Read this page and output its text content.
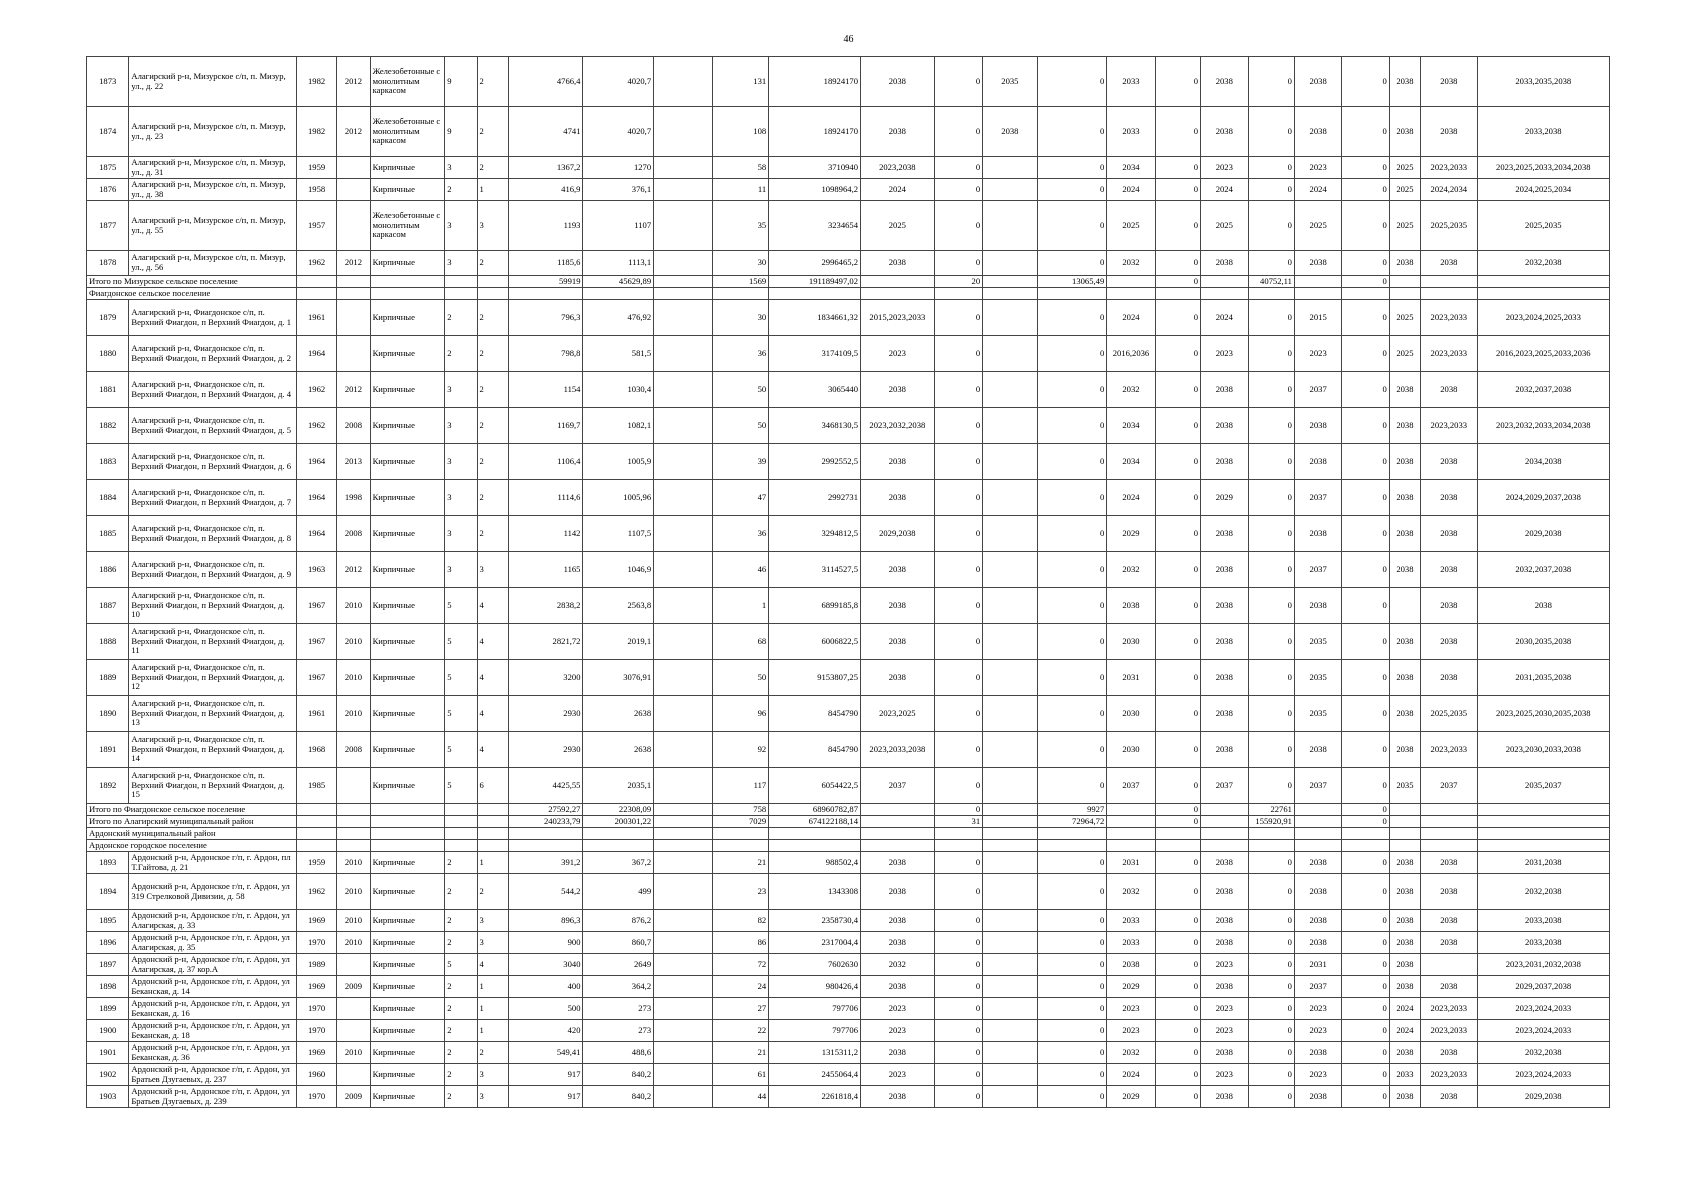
46
1873	Алагирский р-н, Мизурское с/п, п. Мизур, ул., д. 22	1982	2012	Железобетонные с монолитным каркасом	9	2	4766,4	4020,7		131	18924170	2038	0	2035	0	2033	0	2038	0	2038	0	2038	2038	2033,2035,2038
1874	Алагирский р-н, Мизурское с/п, п. Мизур, ул., д. 23	1982	2012	Железобетонные с монолитным каркасом	9	2	4741	4020,7		108	18924170	2038	0	2038	0	2033	0	2038	0	2038	0	2038	2038	2033,2038
1875	Алагирский р-н, Мизурское с/п, п. Мизур, ул., д. 31	1959		Кирпичные	3	2	1367,2	1270		58	3710940	2023,2038	0		0	2034	0	2023	0	2023	0	2025	2023,2033	2023,2025,2033,2034,2038
1876	Алагирский р-н, Мизурское с/п, п. Мизур, ул., д. 38	1958		Кирпичные	2	1	416,9	376,1		11	1098964,2	2024	0		0	2024	0	2024	0	2024	0	2025	2024,2034	2024,2025,2034
1877	Алагирский р-н, Мизурское с/п, п. Мизур, ул., д. 55	1957		Железобетонные с монолитным каркасом	3	3	1193	1107		35	3234654	2025	0		0	2025	0	2025	0	2025	0	2025	2025,2035	2025,2035
1878	Алагирский р-н, Мизурское с/п, п. Мизур, ул., д. 56	1962	2012	Кирпичные	3	2	1185,6	1113,1		30	2996465,2	2038	0		0	2032	0	2038	0	2038	0	2038	2038	2032,2038
Итого по Мизурское сельское поселение							59919	45629,89		1569	191189497,02		20		13065,49		0		40752,11		0			
Фиагдонское сельское поселение																								
1879	Алагирский р-н, Фиагдонское с/п, п. Верхний Фиагдон, п Верхний Фиагдон, д. 1	1961		Кирпичные	2	2	796,3	476,92		30	1834661,32	2015,2023,2033	0		0	2024	0	2024	0	2015	0	2025	2023,2033	2023,2024,2025,2033
1880	Алагирский р-н, Фиагдонское с/п, п. Верхний Фиагдон, п Верхний Фиагдон, д. 2	1964		Кирпичные	2	2	798,8	581,5		36	3174109,5	2023	0		0	2016,2036	0	2023	0	2023	0	2025	2023,2033	2016,2023,2025,2033,2036
1881	Алагирский р-н, Фиагдонское с/п, п. Верхний Фиагдон, п Верхний Фиагдон, д. 4	1962	2012	Кирпичные	3	2	1154	1030,4		50	3065440	2038	0		0	2032	0	2038	0	2037	0	2038	2038	2032,2037,2038
1882	Алагирский р-н, Фиагдонское с/п, п. Верхний Фиагдон, п Верхний Фиагдон, д. 5	1962	2008	Кирпичные	3	2	1169,7	1082,1		50	3468130,5	2023,2032,2038	0		0	2034	0	2038	0	2038	0	2038	2023,2033	2023,2032,2033,2034,2038
1883	Алагирский р-н, Фиагдонское с/п, п. Верхний Фиагдон, п Верхний Фиагдон, д. 6	1964	2013	Кирпичные	3	2	1106,4	1005,9		39	2992552,5	2038	0		0	2034	0	2038	0	2038	0	2038	2038	2034,2038
1884	Алагирский р-н, Фиагдонское с/п, п. Верхний Фиагдон, п Верхний Фиагдон, д. 7	1964	1998	Кирпичные	3	2	1114,6	1005,96		47	2992731	2038	0		0	2024	0	2029	0	2037	0	2038	2038	2024,2029,2037,2038
1885	Алагирский р-н, Фиагдонское с/п, п. Верхний Фиагдон, п Верхний Фиагдон, д. 8	1964	2008	Кирпичные	3	2	1142	1107,5		36	3294812,5	2029,2038	0		0	2029	0	2038	0	2038	0	2038	2038	2029,2038
1886	Алагирский р-н, Фиагдонское с/п, п. Верхний Фиагдон, п Верхний Фиагдон, д. 9	1963	2012	Кирпичные	3	3	1165	1046,9		46	3114527,5	2038	0		0	2032	0	2038	0	2037	0	2038	2038	2032,2037,2038
1887	Алагирский р-н, Фиагдонское с/п, п. Верхний Фиагдон, п Верхний Фиагдон, д. 10	1967	2010	Кирпичные	5	4	2838,2	2563,8		1	6899185,8	2038	0		0	2038	0	2038	0	2038	0		2038	2038
1888	Алагирский р-н, Фиагдонское с/п, п. Верхний Фиагдон, п Верхний Фиагдон, д. 11	1967	2010	Кирпичные	5	4	2821,72	2019,1		68	6006822,5	2038	0		0	2030	0	2038	0	2035	0	2038	2038	2030,2035,2038
1889	Алагирский р-н, Фиагдонское с/п, п. Верхний Фиагдон, п Верхний Фиагдон, д. 12	1967	2010	Кирпичные	5	4	3200	3076,91		50	9153807,25	2038	0		0	2031	0	2038	0	2035	0	2038	2038	2031,2035,2038
1890	Алагирский р-н, Фиагдонское с/п, п. Верхний Фиагдон, п Верхний Фиагдон, д. 13	1961	2010	Кирпичные	5	4	2930	2638		96	8454790	2023,2025	0		0	2030	0	2038	0	2035	0	2038	2025,2035	2023,2025,2030,2035,2038
1891	Алагирский р-н, Фиагдонское с/п, п. Верхний Фиагдон, п Верхний Фиагдон, д. 14	1968	2008	Кирпичные	5	4	2930	2638		92	8454790	2023,2033,2038	0		0	2030	0	2038	0	2038	0	2038	2023,2033	2023,2030,2033,2038
1892	Алагирский р-н, Фиагдонское с/п, п. Верхний Фиагдон, п Верхний Фиагдон, д. 15	1985		Кирпичные	5	6	4425,55	2035,1		117	6054422,5	2037	0		0	2037	0	2037	0	2037	0	2035	2037	2035,2037
Итого по Фиагдонское сельское поселение							27592,27	22308,09		758	68960782,87		0		9927		0		22761		0			
Итого по Алагирский муниципальный район							240233,79	200301,22		7029	674122188,14		31		72964,72		0		155920,91		0			
Ардонский муниципальный район																								
Ардонское городское поселение																								
1893	Ардонский р-н, Ардонское г/п, г. Ардон, пл Т.Гайтова, д. 21	1959	2010	Кирпичные	2	1	391,2	367,2		21	988502,4	2038	0		0	2031	0	2038	0	2038	0	2038	2038	2031,2038
1894	Ардонский р-н, Ардонское г/п, г. Ардон, ул 319 Стрелковой Дивизии, д. 58	1962	2010	Кирпичные	2	2	544,2	499		23	1343308	2038	0		0	2032	0	2038	0	2038	0	2038	2038	2032,2038
1895	Ардонский р-н, Ардонское г/п, г. Ардон, ул Алагирская, д. 33	1969	2010	Кирпичные	2	3	896,3	876,2		82	2358730,4	2038	0		0	2033	0	2038	0	2038	0	2038	2038	2033,2038
1896	Ардонский р-н, Ардонское г/п, г. Ардон, ул Алагирская, д. 35	1970	2010	Кирпичные	2	3	900	860,7		86	2317004,4	2038	0		0	2033	0	2038	0	2038	0	2038	2038	2033,2038
1897	Ардонский р-н, Ардонское г/п, г. Ардон, ул Алагирская, д. 37 кор.А	1989		Кирпичные	5	4	3040	2649		72	7602630	2032	0		0	2038	0	2023	0	2031	0	2038		2023,2031,2032,2038
1898	Ардонский р-н, Ардонское г/п, г. Ардон, ул Беканская, д. 14	1969	2009	Кирпичные	2	1	400	364,2		24	980426,4	2038	0		0	2029	0	2038	0	2037	0	2038	2038	2029,2037,2038
1899	Ардонский р-н, Ардонское г/п, г. Ардон, ул Беканская, д. 16	1970		Кирпичные	2	1	500	273		27	797706	2023	0		0	2023	0	2023	0	2023	0	2024	2023,2033	2023,2024,2033
1900	Ардонский р-н, Ардонское г/п, г. Ардон, ул Беканская, д. 18	1970		Кирпичные	2	1	420	273		22	797706	2023	0		0	2023	0	2023	0	2023	0	2024	2023,2033	2023,2024,2033
1901	Ардонский р-н, Ардонское г/п, г. Ардон, ул Беканская, д. 36	1969	2010	Кирпичные	2	2	549,41	488,6		21	1315311,2	2038	0		0	2032	0	2038	0	2038	0	2038	2038	2032,2038
1902	Ардонский р-н, Ардонское г/п, г. Ардон, ул Братьев Дзугаевых, д. 237	1960		Кирпичные	2	3	917	840,2		61	2455064,4	2023	0		0	2024	0	2023	0	2023	0	2033	2023,2033	2023,2024,2033
1903	Ардонский р-н, Ардонское г/п, г. Ардон, ул Братьев Дзугаевых, д. 239	1970	2009	Кирпичные	2	3	917	840,2		44	2261818,4	2038	0		0	2029	0	2038	0	2038	0	2038	2038	2029,2038
